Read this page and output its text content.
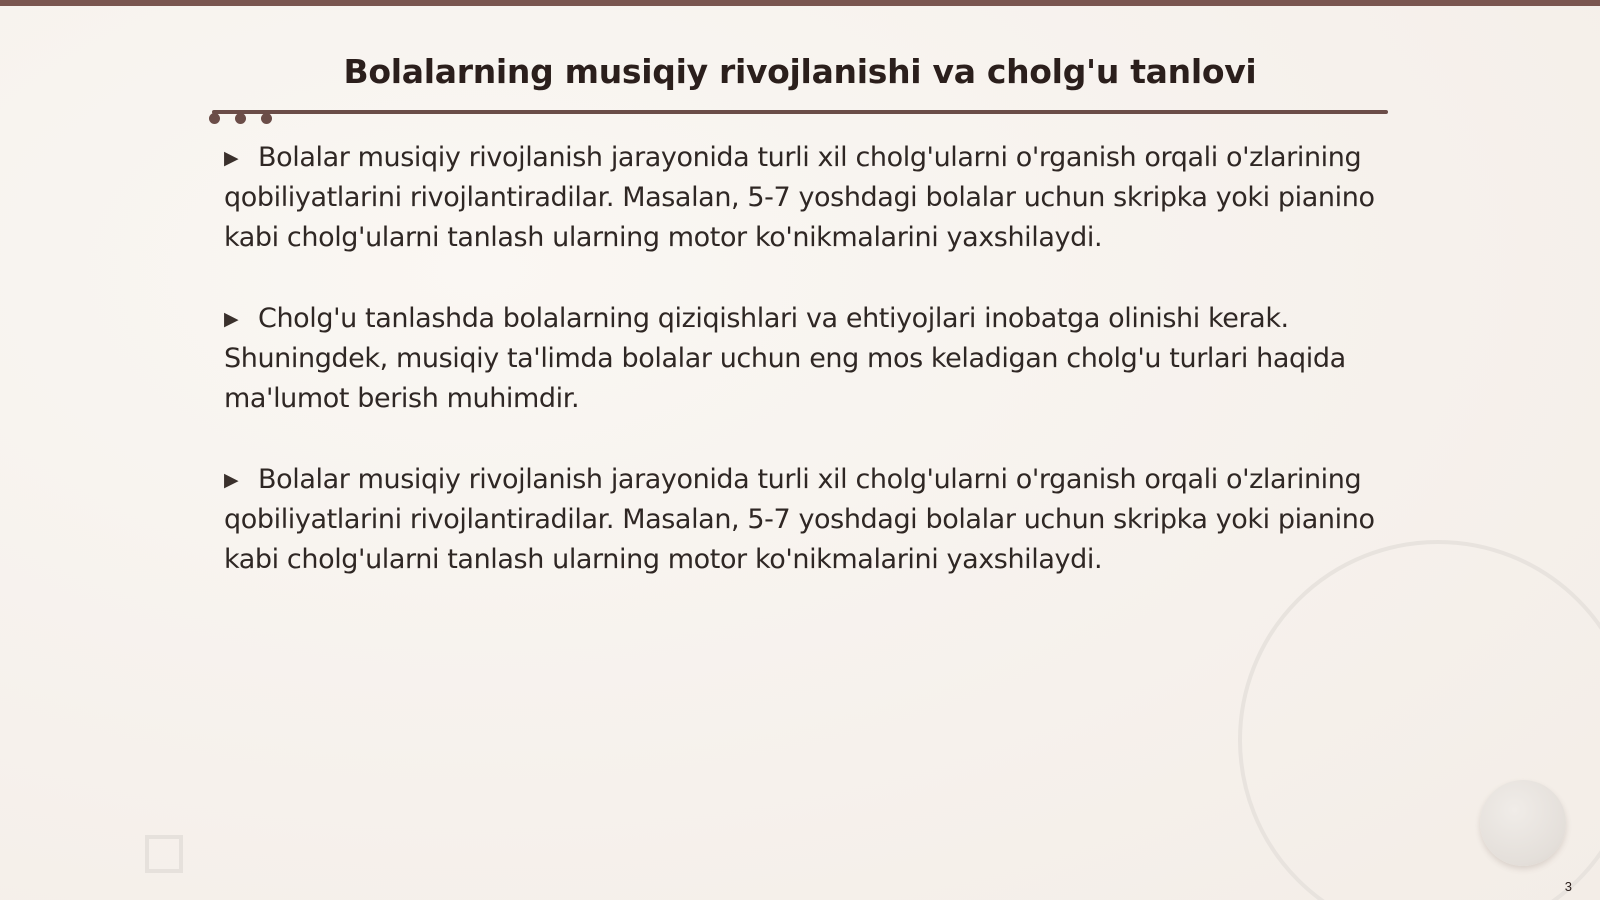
Bolalarning musiqiy rivojlanishi va cholg'u tanlovi

▶ Bolalar musiqiy rivojlanish jarayonida turli xil cholg'ularni o'rganish orqali o'zlarining qobiliyatlarini rivojlantiradilar. Masalan, 5-7 yoshdagi bolalar uchun skripka yoki pianino kabi cholg'ularni tanlash ularning motor ko'nikmalarini yaxshilaydi.

▶ Cholg'u tanlashda bolalarning qiziqishlari va ehtiyojlari inobatga olinishi kerak. Shuningdek, musiqiy ta'limda bolalar uchun eng mos keladigan cholg'u turlari haqida ma'lumot berish muhimdir.

▶ Bolalar musiqiy rivojlanish jarayonida turli xil cholg'ularni o'rganish orqali o'zlarining qobiliyatlarini rivojlantiradilar. Masalan, 5-7 yoshdagi bolalar uchun skripka yoki pianino kabi cholg'ularni tanlash ularning motor ko'nikmalarini yaxshilaydi.

3
